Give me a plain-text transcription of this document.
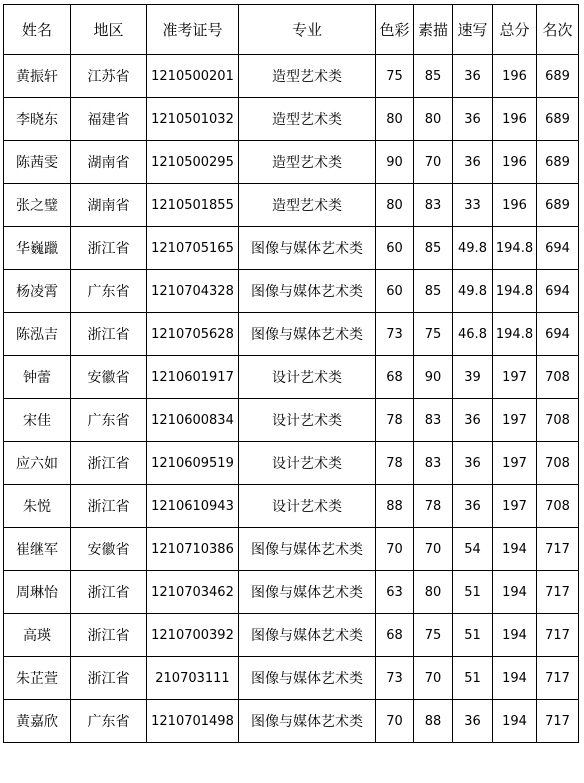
姓名	地区	准考证号	专业	色彩	素描	速写	总分	名次
黄振轩	江苏省	1210500201	造型艺术类	75	85	36	196	689
李晓东	福建省	1210501032	造型艺术类	80	80	36	196	689
陈茜雯	湖南省	1210500295	造型艺术类	90	70	36	196	689
张之璧	湖南省	1210501855	造型艺术类	80	83	33	196	689
华巍躐	浙江省	1210705165	图像与媒体艺术类	60	85	49.8	194.8	694
杨凌霄	广东省	1210704328	图像与媒体艺术类	60	85	49.8	194.8	694
陈泓吉	浙江省	1210705628	图像与媒体艺术类	73	75	46.8	194.8	694
钟蕾	安徽省	1210601917	设计艺术类	68	90	39	197	708
宋佳	广东省	1210600834	设计艺术类	78	83	36	197	708
应六如	浙江省	1210609519	设计艺术类	78	83	36	197	708
朱悦	浙江省	1210610943	设计艺术类	88	78	36	197	708
崔继军	安徽省	1210710386	图像与媒体艺术类	70	70	54	194	717
周琳怡	浙江省	1210703462	图像与媒体艺术类	63	80	51	194	717
高瑛	浙江省	1210700392	图像与媒体艺术类	68	75	51	194	717
朱芷萱	浙江省	210703111	图像与媒体艺术类	73	70	51	194	717
黄嘉欣	广东省	1210701498	图像与媒体艺术类	70	88	36	194	717
